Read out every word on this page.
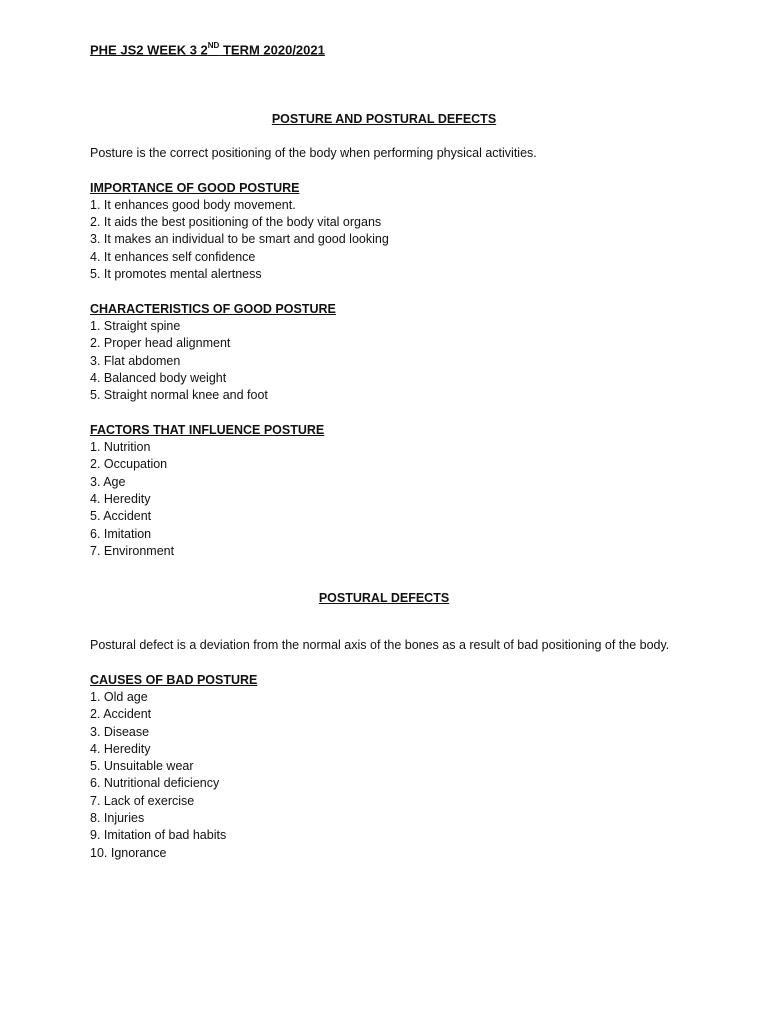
PHE JS2 WEEK 3 2ND TERM 2020/2021
POSTURE AND POSTURAL DEFECTS

Posture is the correct positioning of the body when performing physical activities.

IMPORTANCE OF GOOD POSTURE

1. It enhances good body movement.

2. It aids the best positioning of the body vital organs

3. It makes an individual to be smart and good looking

4. It enhances self confidence

5. It promotes mental alertness

CHARACTERISTICS OF GOOD POSTURE

1. Straight spine

2. Proper head alignment

3. Flat abdomen

4. Balanced body weight

5. Straight normal knee and foot

FACTORS THAT INFLUENCE POSTURE

1. Nutrition

2. Occupation

3. Age

4. Heredity

5. Accident

6. Imitation

7. Environment

POSTURAL DEFECTS

Postural defect is a deviation from the normal axis of the bones as a result of bad positioning of the body.

CAUSES OF BAD POSTURE

1. Old age

2. Accident

3. Disease

4. Heredity

5. Unsuitable wear

6. Nutritional deficiency

7. Lack of exercise

8. Injuries

9. Imitation of bad habits

10. Ignorance
